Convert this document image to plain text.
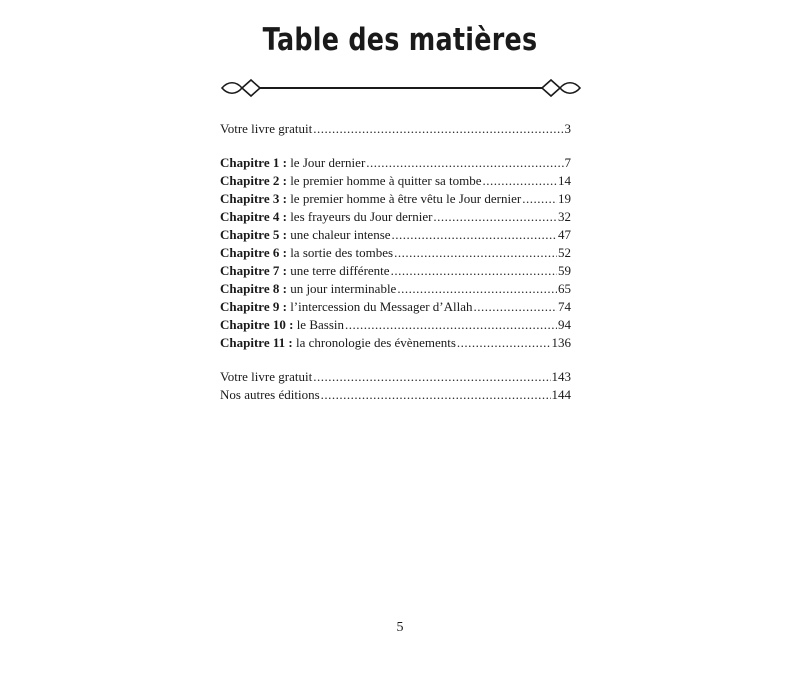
Table des matières
Votre livre gratuit .....	3
Chapitre 1 : le Jour dernier .....	7
Chapitre 2 : le premier homme à quitter sa tombe .....	14
Chapitre 3 : le premier homme à être vêtu le Jour dernier .....	19
Chapitre 4 : les frayeurs du Jour dernier .....	32
Chapitre 5 : une chaleur intense .....	47
Chapitre 6 : la sortie des tombes .....	52
Chapitre 7 : une terre différente .....	59
Chapitre 8 : un jour interminable .....	65
Chapitre 9 : l’intercession du Messager d’Allah .....	74
Chapitre 10 : le Bassin .....	94
Chapitre 11 : la chronologie des évènements .....	136
Votre livre gratuit .....	143
Nos autres éditions .....	144
5
